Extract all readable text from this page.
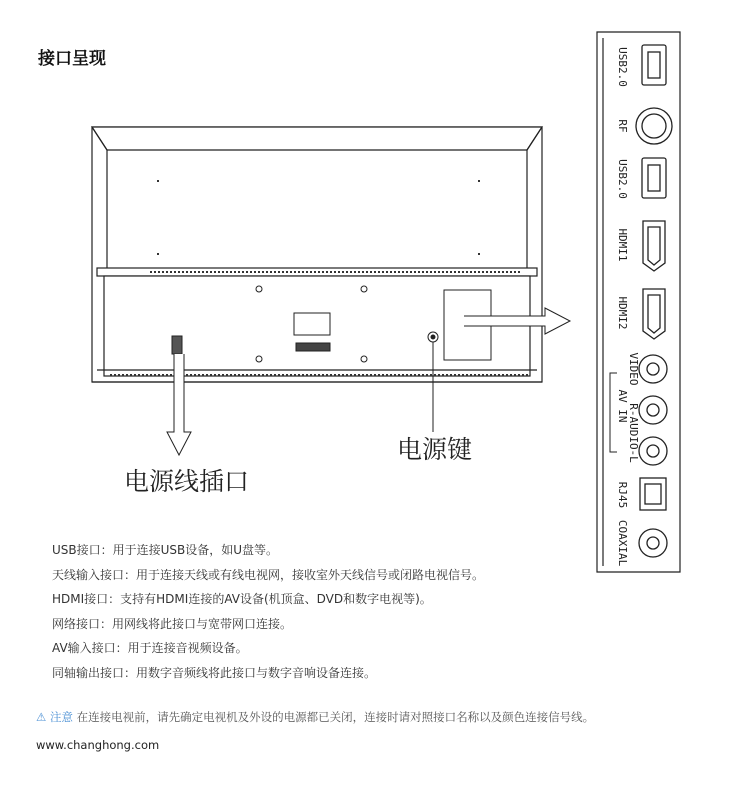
接口呈现	USB2.0
RF
USB2.0
HDMI1
HDMI2
VIDEO
AV IN
R-AUDIO-L
RJ45
COAXIAL
电源键
电源线插口
USB接口：用于连接USB设备，如U盘等。
天线输入接口：用于连接天线或有线电视网，接收室外天线信号或闭路电视信号。
HDMI接口：支持有HDMI连接的AV设备(机顶盒、DVD和数字电视等)。
网络接口：用网线将此接口与宽带网口连接。
AV输入接口：用于连接音视频设备。
同轴输出接口：用数字音频线将此接口与数字音响设备连接。
⚠ 注意 在连接电视前，请先确定电视机及外设的电源都已关闭，连接时请对照接口名称以及颜色连接信号线。
www.changhong.com
